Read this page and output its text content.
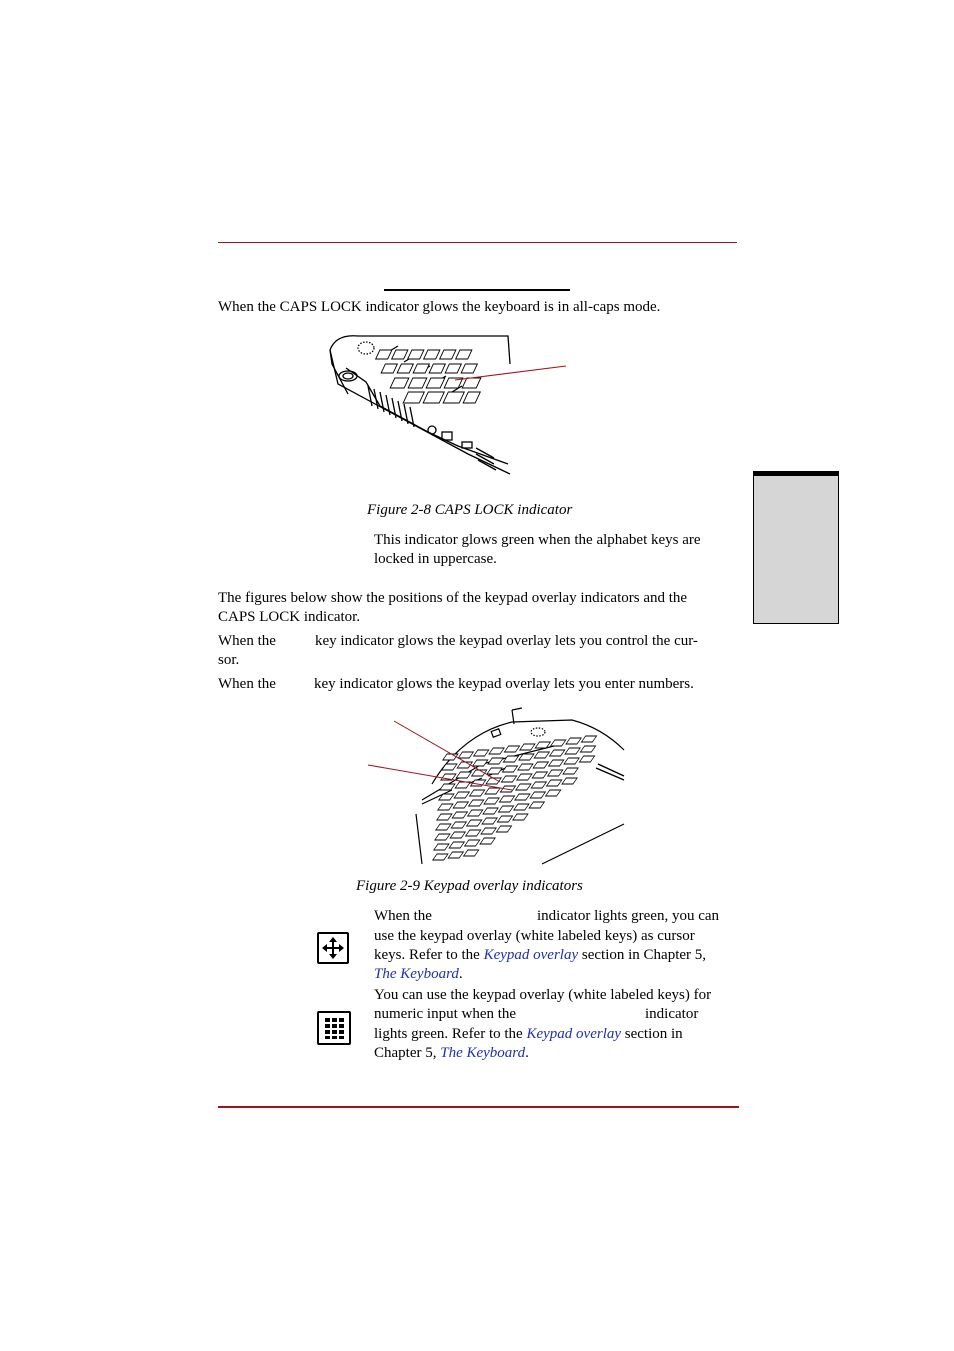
When the CAPS LOCK indicator glows the keyboard is in all-caps mode.
Figure 2-8 CAPS LOCK indicator
This indicator glows green when the alphabet keys are locked in uppercase.
The figures below show the positions of the keypad overlay indicators and the CAPS LOCK indicator.
When the	key indicator glows the keypad overlay lets you control the cur-
sor.
When the	key indicator glows the keypad overlay lets you enter numbers.
Figure 2-9 Keypad overlay indicators
When the	indicator lights green, you can
use the keypad overlay (white labeled keys) as cursor
keys. Refer to the Keypad overlay section in Chapter 5,
The Keyboard.
You can use the keypad overlay (white labeled keys) for
numeric input when the	indicator
lights green. Refer to the Keypad overlay section in
Chapter 5, The Keyboard.
